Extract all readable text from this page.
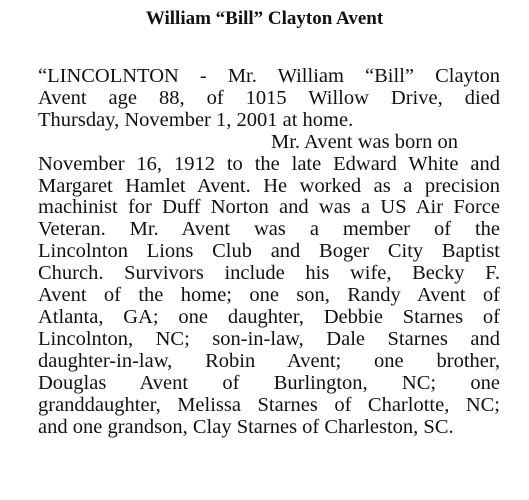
William “Bill” Clayton Avent
“LINCOLNTON - Mr. William “Bill” Clayton
Avent age 88, of 1015 Willow Drive, died
Thursday, November 1, 2001 at home.
Mr. Avent was born on
November 16, 1912 to the late Edward White and
Margaret Hamlet Avent. He worked as a precision
machinist for Duff Norton and was a US Air Force
Veteran. Mr. Avent was a member of the
Lincolnton Lions Club and Boger City Baptist
Church. Survivors include his wife, Becky F.
Avent of the home; one son, Randy Avent of
Atlanta, GA; one daughter, Debbie Starnes of
Lincolnton, NC; son-in-law, Dale Starnes and
daughter-in-law, Robin Avent; one brother,
Douglas Avent of Burlington, NC; one
granddaughter, Melissa Starnes of Charlotte, NC;
and one grandson, Clay Starnes of Charleston, SC.
